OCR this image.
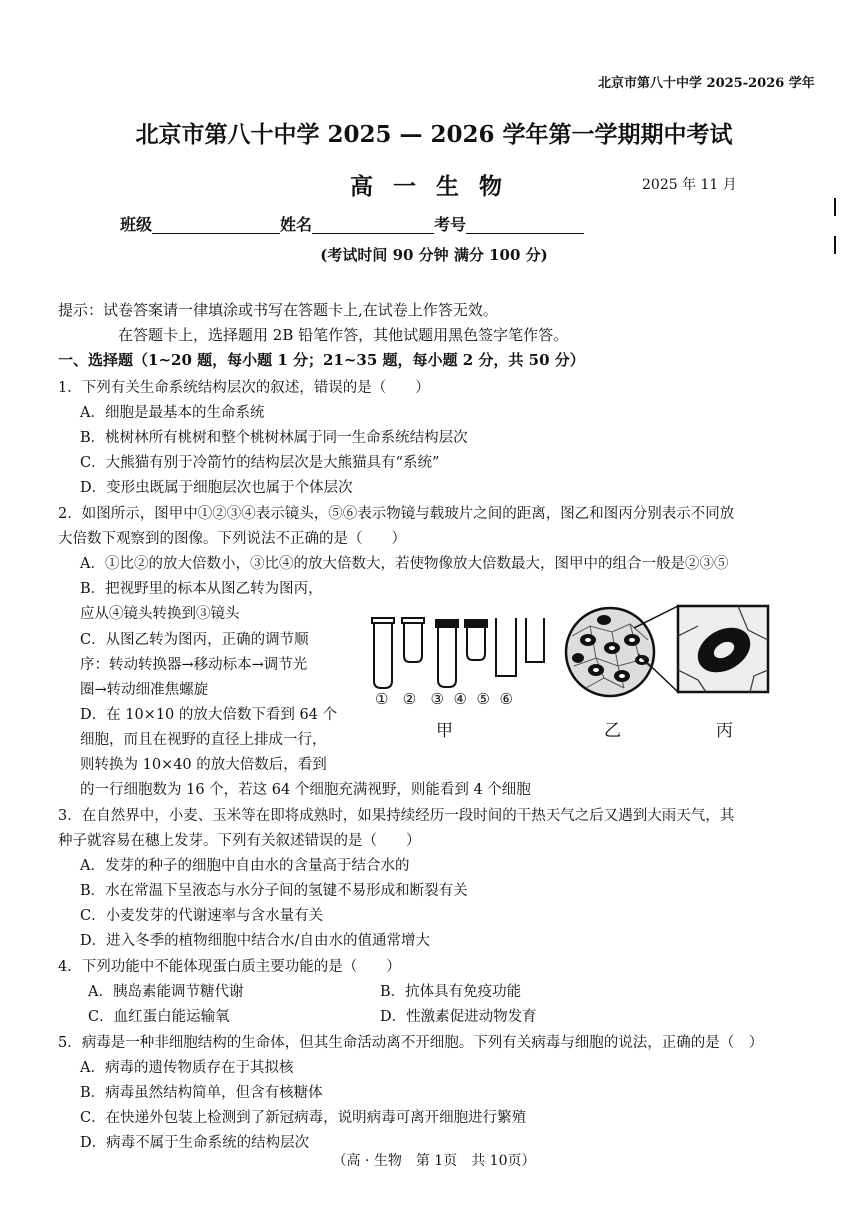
北京市第八十中学 2025-2026 学年
北京市第八十中学 2025 — 2026 学年第一学期期中考试
高一生物	2025 年 11 月
班级	姓名	考号
(考试时间 90 分钟 满分 100 分)
提示：试卷答案请一律填涂或书写在答题卡上,在试卷上作答无效。
在答题卡上，选择题用 2B 铅笔作答，其他试题用黑色签字笔作答。
一、选择题（1~20 题，每小题 1 分；21~35 题，每小题 2 分，共 50 分）
1．下列有关生命系统结构层次的叙述，错误的是（　　）
A．细胞是最基本的生命系统
B．桃树林所有桃树和整个桃树林属于同一生命系统结构层次
C．大熊猫有别于冷箭竹的结构层次是大熊猫具有“系统”
D．变形虫既属于细胞层次也属于个体层次
2．如图所示，图甲中①②③④表示镜头，⑤⑥表示物镜与载玻片之间的距离，图乙和图丙分别表示不同放
大倍数下观察到的图像。下列说法不正确的是（　　）
A．①比②的放大倍数小，③比④的放大倍数大，若使物像放大倍数最大，图甲中的组合一般是②③⑤
B．把视野里的标本从图乙转为图丙，
应从④镜头转换到③镜头
C．从图乙转为图丙，正确的调节顺
序：转动转换器→移动标本→调节光
圈→转动细准焦螺旋
D．在 10×10 的放大倍数下看到 64 个
细胞，而且在视野的直径上排成一行，
则转换为 10×40 的放大倍数后，看到
的一行细胞数为 16 个，若这 64 个细胞充满视野，则能看到 4 个细胞
① ② ③ ④ ⑤ ⑥
甲	乙	丙
3．在自然界中，小麦、玉米等在即将成熟时，如果持续经历一段时间的干热天气之后又遇到大雨天气，其
种子就容易在穗上发芽。下列有关叙述错误的是（　　）
A．发芽的种子的细胞中自由水的含量高于结合水的
B．水在常温下呈液态与水分子间的氢键不易形成和断裂有关
C．小麦发芽的代谢速率与含水量有关
D．进入冬季的植物细胞中结合水/自由水的值通常增大
4．下列功能中不能体现蛋白质主要功能的是（　　）
A．胰岛素能调节糖代谢	B．抗体具有免疫功能
C．血红蛋白能运输氧	D．性激素促进动物发育
5．病毒是一种非细胞结构的生命体，但其生命活动离不开细胞。下列有关病毒与细胞的说法，正确的是（　）
A．病毒的遗传物质存在于其拟核
B．病毒虽然结构简单，但含有核糖体
C．在快递外包装上检测到了新冠病毒，说明病毒可离开细胞进行繁殖
D．病毒不属于生命系统的结构层次
（高 · 生物　第 1页　共 10页）
